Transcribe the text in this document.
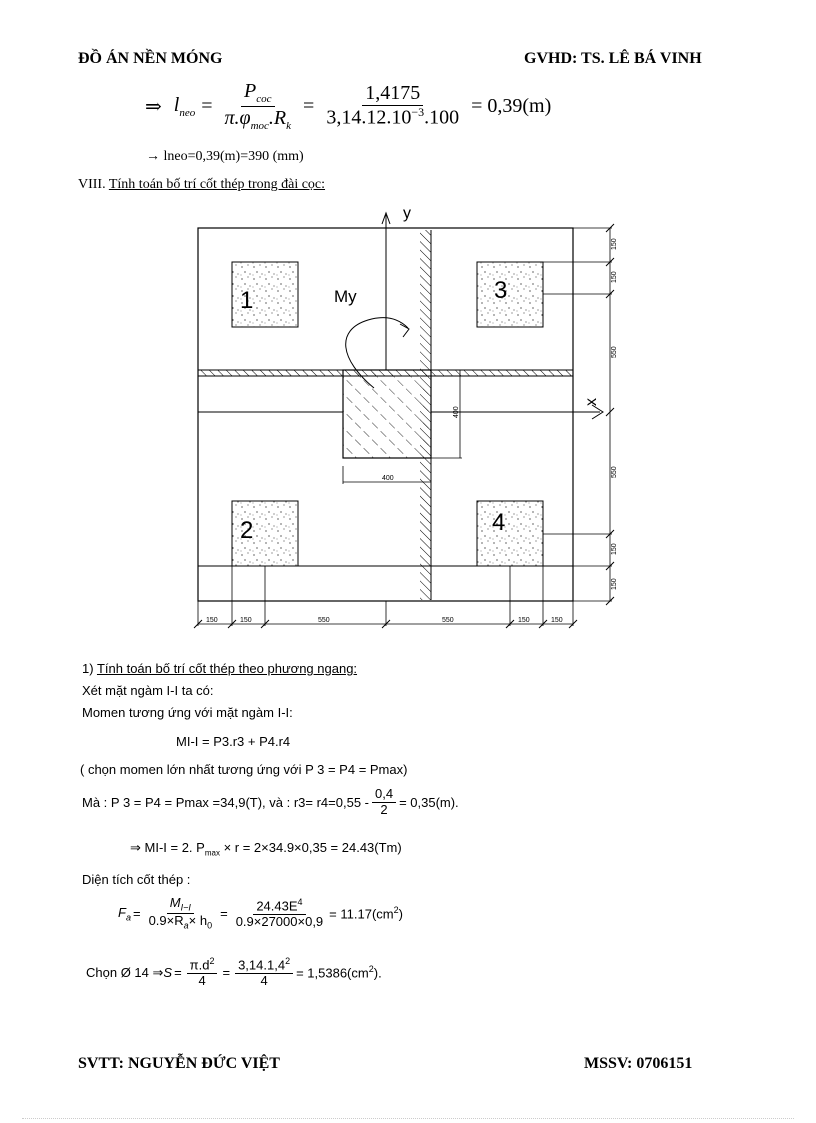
ĐỒ ÁN NỀN MÓNG	GVHD: TS. LÊ BÁ VINH
⇒ $l_{neo} = \frac{P_{coc}}{\pi.\varphi_{moc}.R_k} = \frac{1,4175}{3,14.12.10^{-3}.100} = 0,39(m)$
→ lneo=0,39(m)=390 (mm)
VIII. Tính toán bố trí cốt thép trong đài cọc:
y
x
400
400
My
1	3
2	4
150
150
550
550
150
150
150	150	550	550	150	150
1) Tính toán bố trí cốt thép theo phương ngang:
Xét mặt ngàm I-I ta có:
Momen tương ứng với mặt ngàm I-I:
MI-I = P3.r3 + P4.r4
( chọn momen lớn nhất tương ứng với P 3 = P4 = Pmax)
Mà : P 3 = P4 = Pmax =34,9(T), và : $r3= r4=0,55 - \frac{0,4}{2} = 0,35(m)$.
⇒ MI-I = 2. $P_{max} \times r = 2\times 34.9\times 0,35 = 24.43(Tm)$
Diện tích cốt thép :
$F_a = \frac{M_{I-I}}{0.9\times R_a\times h_0} = \frac{24.43E^4}{0.9\times 27000\times 0,9} = 11.17(cm^2)$
Chọn Ø 14 ⇒ $S = \frac{\pi.d^2}{4} = \frac{3,14.1,4^2}{4} = 1,5386(cm^2)$.
SVTT: NGUYỄN ĐỨC VIỆT	MSSV: 0706151
